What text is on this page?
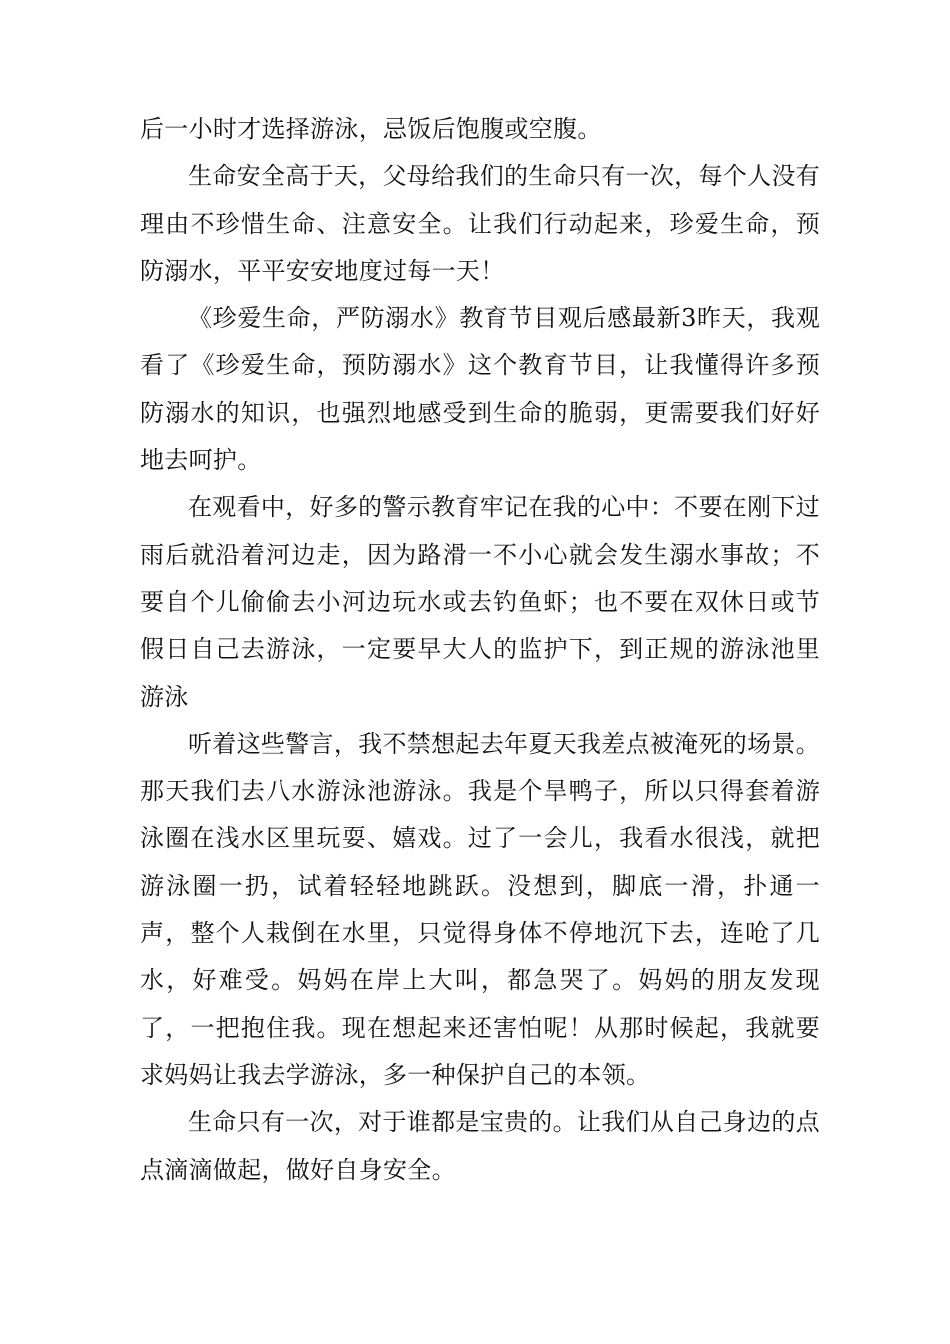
后一小时才选择游泳，忌饭后饱腹或空腹。

生命安全高于天，父母给我们的生命只有一次，每个人没有理由不珍惜生命、注意安全。让我们行动起来，珍爱生命，预防溺水，平平安安地度过每一天！

《珍爱生命，严防溺水》教育节目观后感最新3昨天，我观看了《珍爱生命，预防溺水》这个教育节目，让我懂得许多预防溺水的知识，也强烈地感受到生命的脆弱，更需要我们好好地去呵护。

在观看中，好多的警示教育牢记在我的心中：不要在刚下过雨后就沿着河边走，因为路滑一不小心就会发生溺水事故；不要自个儿偷偷去小河边玩水或去钓鱼虾；也不要在双休日或节假日自己去游泳，一定要早大人的监护下，到正规的游泳池里游泳

听着这些警言，我不禁想起去年夏天我差点被淹死的场景。那天我们去八水游泳池游泳。我是个旱鸭子，所以只得套着游泳圈在浅水区里玩耍、嬉戏。过了一会儿，我看水很浅，就把游泳圈一扔，试着轻轻地跳跃。没想到，脚底一滑，扑通一声，整个人栽倒在水里，只觉得身体不停地沉下去，连呛了几水，好难受。妈妈在岸上大叫，都急哭了。妈妈的朋友发现了，一把抱住我。现在想起来还害怕呢！从那时候起，我就要求妈妈让我去学游泳，多一种保护自己的本领。

生命只有一次，对于谁都是宝贵的。让我们从自己身边的点点滴滴做起，做好自身安全。
